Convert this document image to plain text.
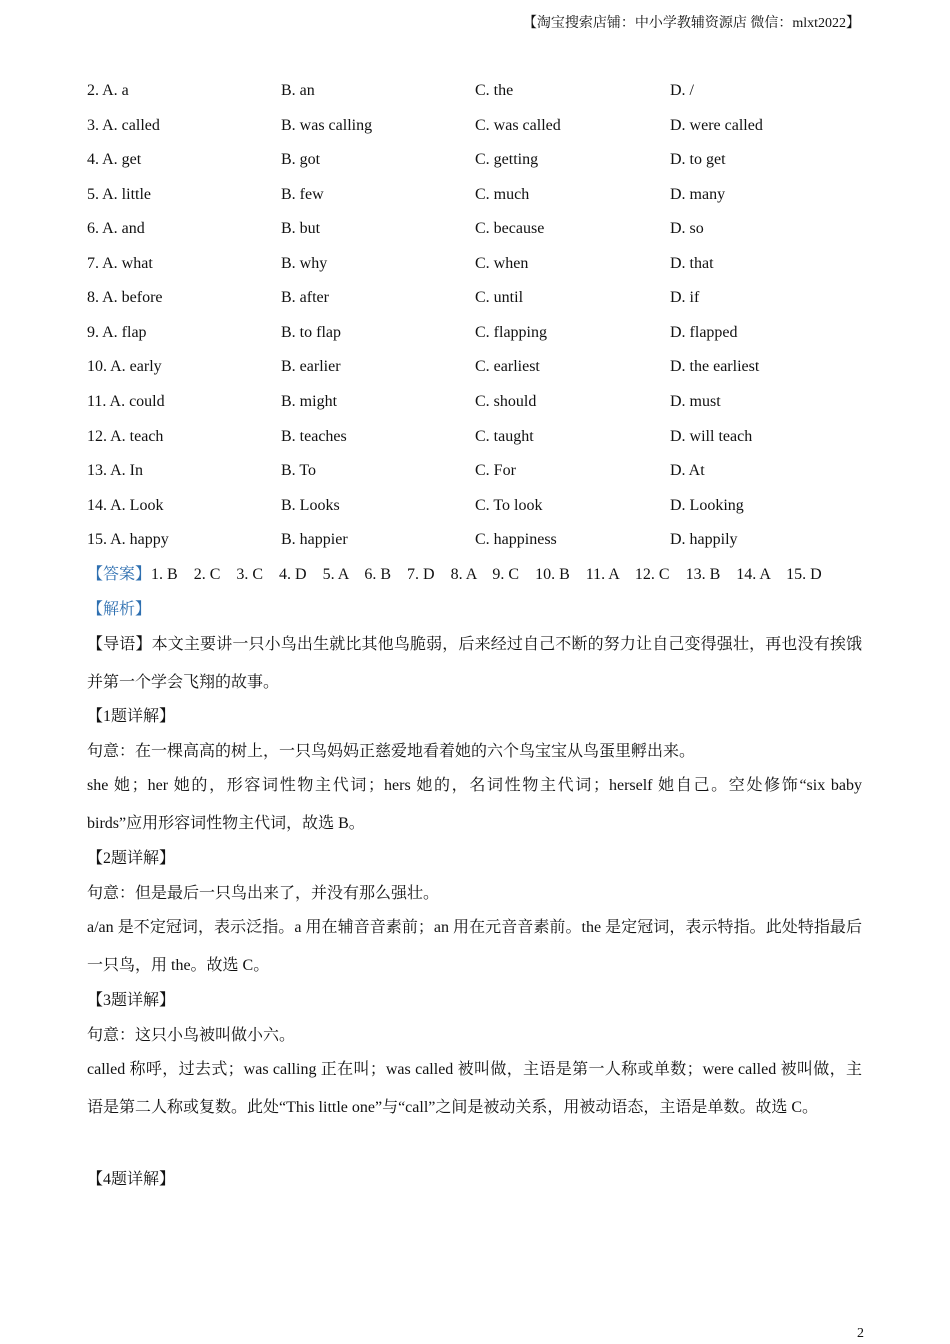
【淘宝搜索店铺：中小学教辅资源店 微信：mlxt2022】
2. A. a	B. an	C. the	D. /
3. A. called	B. was calling	C. was called	D. were called
4. A. get	B. got	C. getting	D. to get
5. A. little	B. few	C. much	D. many
6. A. and	B. but	C. because	D. so
7. A. what	B. why	C. when	D. that
8. A. before	B. after	C. until	D. if
9. A. flap	B. to flap	C. flapping	D. flapped
10. A. early	B. earlier	C. earliest	D. the earliest
11. A. could	B. might	C. should	D. must
12. A. teach	B. teaches	C. taught	D. will teach
13. A. In	B. To	C. For	D. At
14. A. Look	B. Looks	C. To look	D. Looking
15. A. happy	B. happier	C. happiness	D. happily
【答案】1. B    2. C    3. C    4. D    5. A    6. B    7. D    8. A    9. C    10. B    11. A    12. C    13. B    14. A    15. D
【解析】
【导语】本文主要讲一只小鸟出生就比其他鸟脆弱，后来经过自己不断的努力让自己变得强壮，再也没有挨饿并第一个学会飞翔的故事。
【1题详解】
句意：在一棵高高的树上，一只鸟妈妈正慈爱地看着她的六个鸟宝宝从鸟蛋里孵出来。
she 她；her 她的，形容词性物主代词；hers 她的，名词性物主代词；herself 她自己。空处修饰“six baby birds”应用形容词性物主代词，故选 B。
【2题详解】
句意：但是最后一只鸟出来了，并没有那么强壮。
a/an 是不定冠词，表示泛指。a 用在辅音音素前；an 用在元音音素前。the 是定冠词，表示特指。此处特指最后一只鸟，用 the。故选 C。
【3题详解】
句意：这只小鸟被叫做小六。
called 称呼，过去式；was calling 正在叫；was called 被叫做，主语是第一人称或单数；were called 被叫做，主语是第二人称或复数。此处“This little one”与“call”之间是被动关系，用被动语态，主语是单数。故选 C。
【4题详解】
2
